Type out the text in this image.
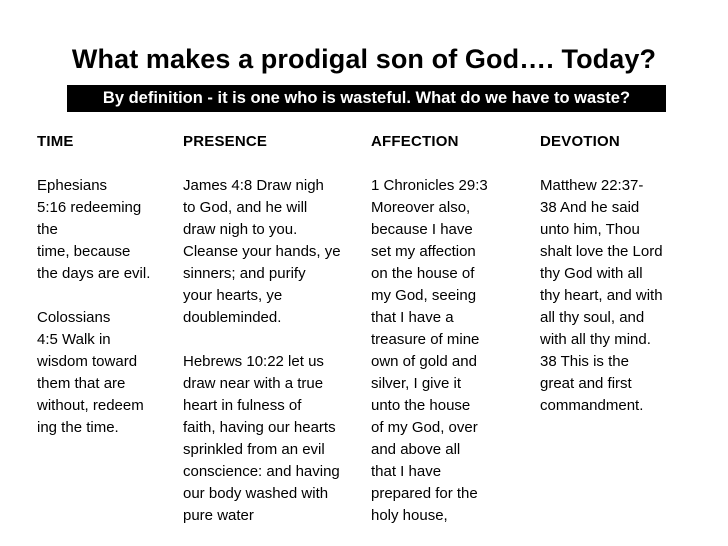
What makes a prodigal son of God…. Today?
By definition - it is one who is wasteful. What do we have to waste?
TIME
Ephesians
5:16 redeeming
the
time, because
the days are evil.
Colossians
4:5 Walk in
wisdom toward
them that are
without, redeem
ing the time.
PRESENCE
James 4:8 Draw nigh
to God, and he will
draw nigh to you.
Cleanse your hands, ye
sinners; and purify
your hearts, ye
doubleminded.
Hebrews 10:22 let us
draw near with a true
heart in fulness of
faith, having our hearts
sprinkled from an evil
conscience: and having
our body washed with
pure water
AFFECTION
1 Chronicles 29:3
Moreover also,
because I have
set my affection
on the house of
my God, seeing
that I have a
treasure of mine
own of gold and
silver, I give it
unto the house
of my God, over
and above all
that I have
prepared for the
holy house,
DEVOTION
Matthew 22:37-
38 And he said
unto him, Thou
shalt love the Lord
thy God with all
thy heart, and with
all thy soul, and
with all thy mind.
38 This is the
great and first
commandment.
